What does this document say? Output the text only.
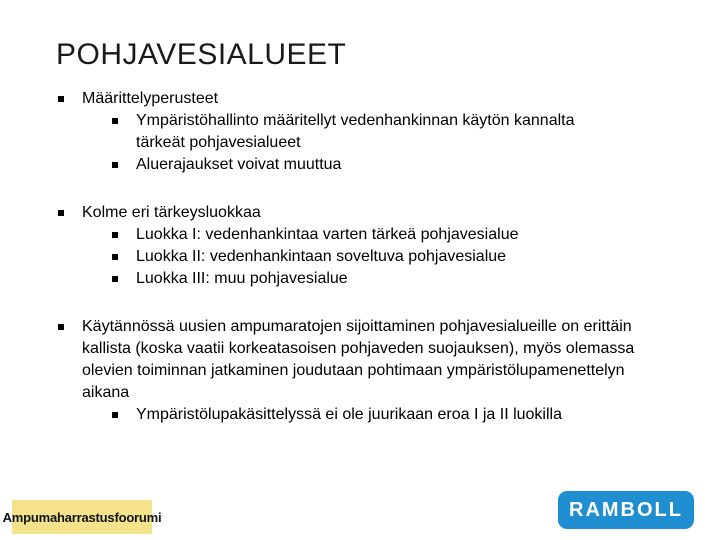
POHJAVESIALUEET
Määrittelyperusteet
Ympäristöhallinto määritellyt vedenhankinnan käytön kannalta tärkeät pohjavesialueet
Aluerajaukset voivat muuttua
Kolme eri tärkeysluokkaa
Luokka I: vedenhankintaa varten tärkeä pohjavesialue
Luokka II: vedenhankintaan soveltuva pohjavesialue
Luokka III: muu pohjavesialue
Käytännössä uusien ampumaratojen sijoittaminen pohjavesialueille on erittäin kallista (koska vaatii korkeatasoisen pohjaveden suojauksen), myös olemassa olevien toiminnan jatkaminen joudutaan pohtimaan ympäristölupamenettelyn aikana
Ympäristölupakäsittelyssä ei ole juurikaan eroa I ja II luokilla
Ampumaharrastusfoorumi	RAMBOLL
